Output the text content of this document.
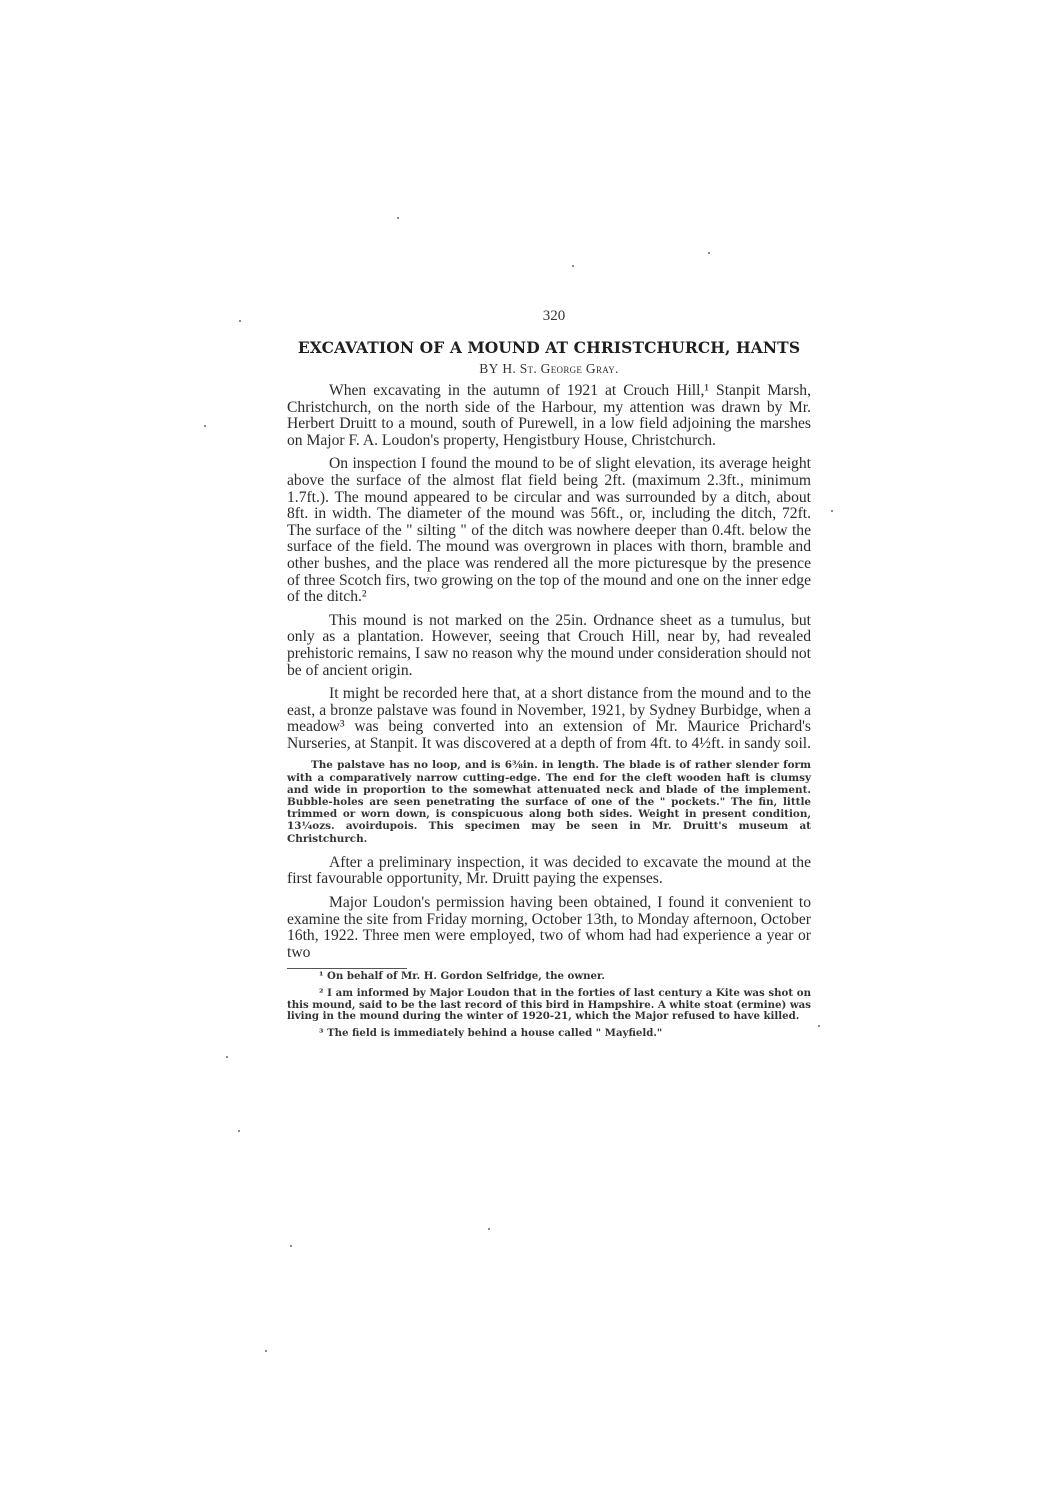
320
EXCAVATION OF A MOUND AT CHRISTCHURCH, HANTS
BY H. St. George Gray.

When excavating in the autumn of 1921 at Crouch Hill,¹ Stanpit Marsh, Christchurch, on the north side of the Harbour, my attention was drawn by Mr. Herbert Druitt to a mound, south of Purewell, in a low field adjoining the marshes on Major F. A. Loudon's property, Hengistbury House, Christchurch.

On inspection I found the mound to be of slight elevation, its average height above the surface of the almost flat field being 2ft. (maximum 2.3ft., minimum 1.7ft.). The mound appeared to be circular and was surrounded by a ditch, about 8ft. in width. The diameter of the mound was 56ft., or, including the ditch, 72ft. The surface of the " silting " of the ditch was nowhere deeper than 0.4ft. below the surface of the field. The mound was overgrown in places with thorn, bramble and other bushes, and the place was rendered all the more picturesque by the presence of three Scotch firs, two growing on the top of the mound and one on the inner edge of the ditch.²

This mound is not marked on the 25in. Ordnance sheet as a tumulus, but only as a plantation. However, seeing that Crouch Hill, near by, had revealed prehistoric remains, I saw no reason why the mound under consideration should not be of ancient origin.

It might be recorded here that, at a short distance from the mound and to the east, a bronze palstave was found in November, 1921, by Sydney Burbidge, when a meadow³ was being converted into an extension of Mr. Maurice Prichard's Nurseries, at Stanpit. It was discovered at a depth of from 4ft. to 4½ft. in sandy soil.

The palstave has no loop, and is 6⅜in. in length. The blade is of rather slender form with a comparatively narrow cutting-edge. The end for the cleft wooden haft is clumsy and wide in proportion to the somewhat attenuated neck and blade of the implement. Bubble-holes are seen penetrating the surface of one of the " pockets." The fin, little trimmed or worn down, is conspicuous along both sides. Weight in present condition, 13¼ozs. avoirdupois. This specimen may be seen in Mr. Druitt's museum at Christchurch.

After a preliminary inspection, it was decided to excavate the mound at the first favourable opportunity, Mr. Druitt paying the expenses.

Major Loudon's permission having been obtained, I found it convenient to examine the site from Friday morning, October 13th, to Monday afternoon, October 16th, 1922. Three men were employed, two of whom had had experience a year or two

¹ On behalf of Mr. H. Gordon Selfridge, the owner.

² I am informed by Major Loudon that in the forties of last century a Kite was shot on this mound, said to be the last record of this bird in Hampshire. A white stoat (ermine) was living in the mound during the winter of 1920-21, which the Major refused to have killed.

³ The field is immediately behind a house called " Mayfield."
